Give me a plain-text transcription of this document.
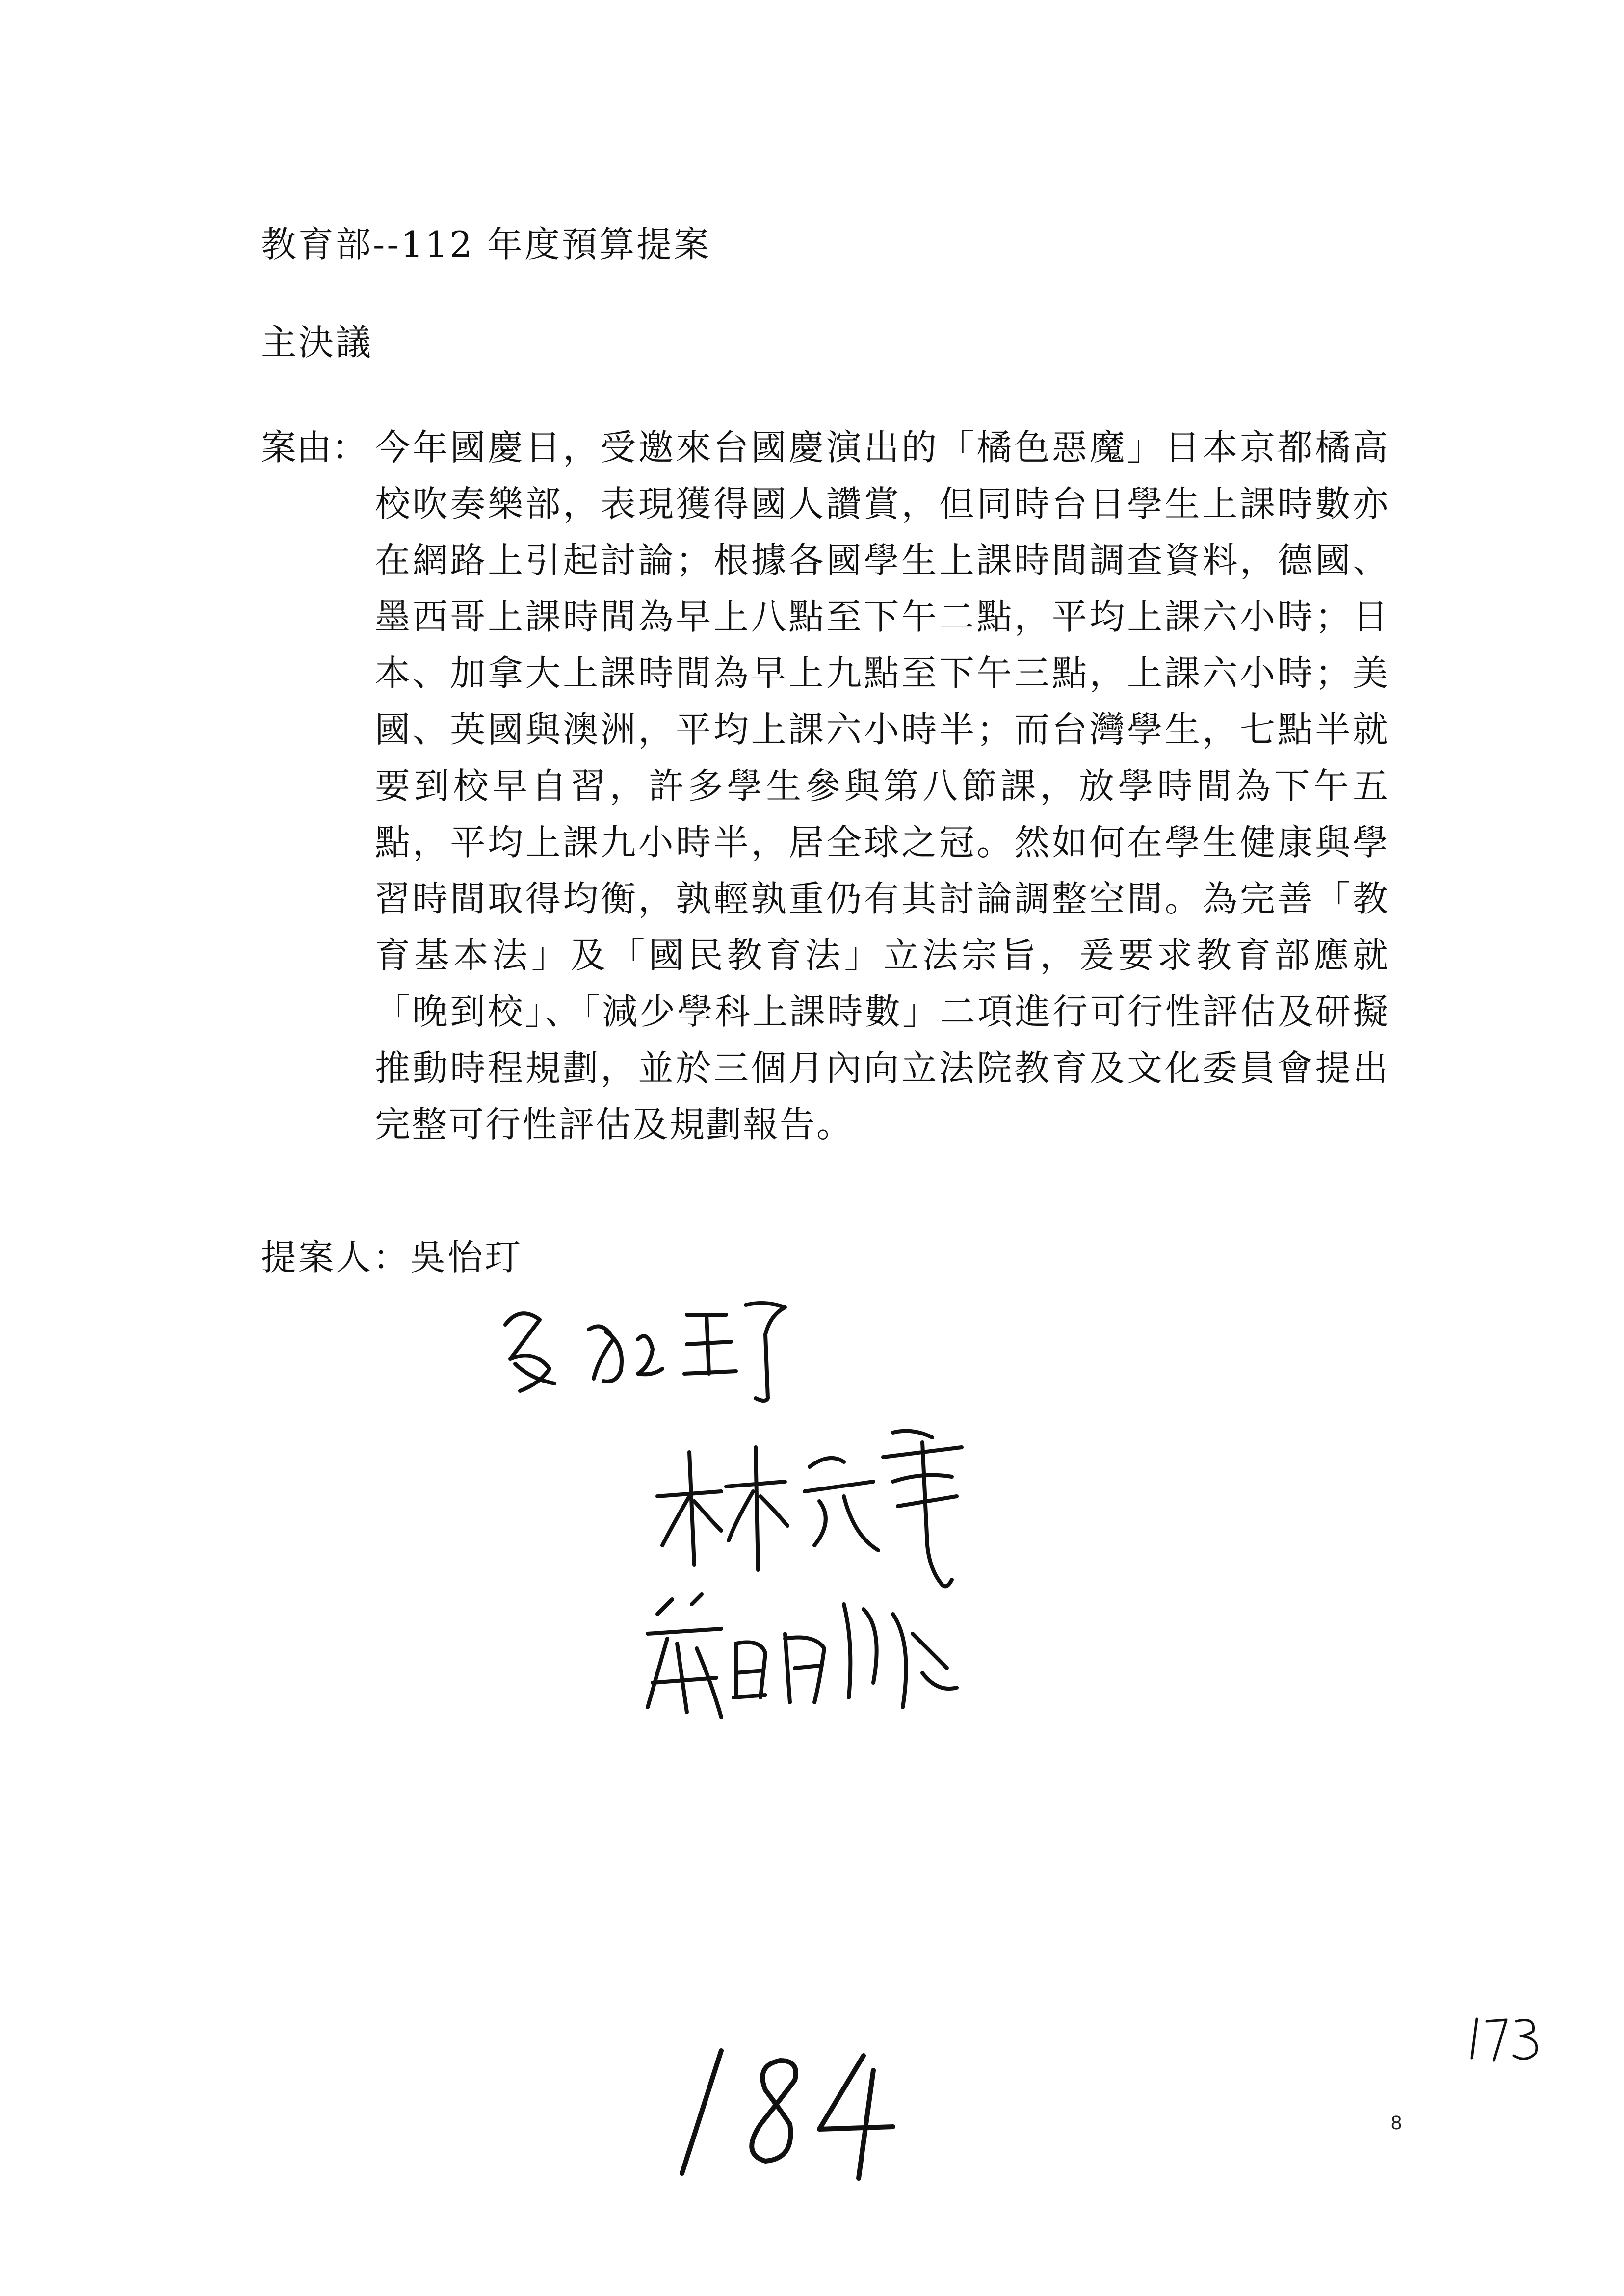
教育部--112 年度預算提案
主決議
案由： 今年國慶日，受邀來台國慶演出的「橘色惡魔」日本京都橘高校吹奏樂部，表現獲得國人讚賞，但同時台日學生上課時數亦在網路上引起討論；根據各國學生上課時間調查資料，德國、墨西哥上課時間為早上八點至下午二點，平均上課六小時；日本、加拿大上課時間為早上九點至下午三點，上課六小時；美國、英國與澳洲，平均上課六小時半；而台灣學生，七點半就要到校早自習，許多學生參與第八節課，放學時間為下午五點，平均上課九小時半，居全球之冠。然如何在學生健康與學習時間取得均衡，孰輕孰重仍有其討論調整空間。為完善「教育基本法」及「國民教育法」立法宗旨，爰要求教育部應就「晚到校」、「減少學科上課時數」二項進行可行性評估及研擬推動時程規劃，並於三個月內向立法院教育及文化委員會提出完整可行性評估及規劃報告。
提案人：吳怡玎
8
